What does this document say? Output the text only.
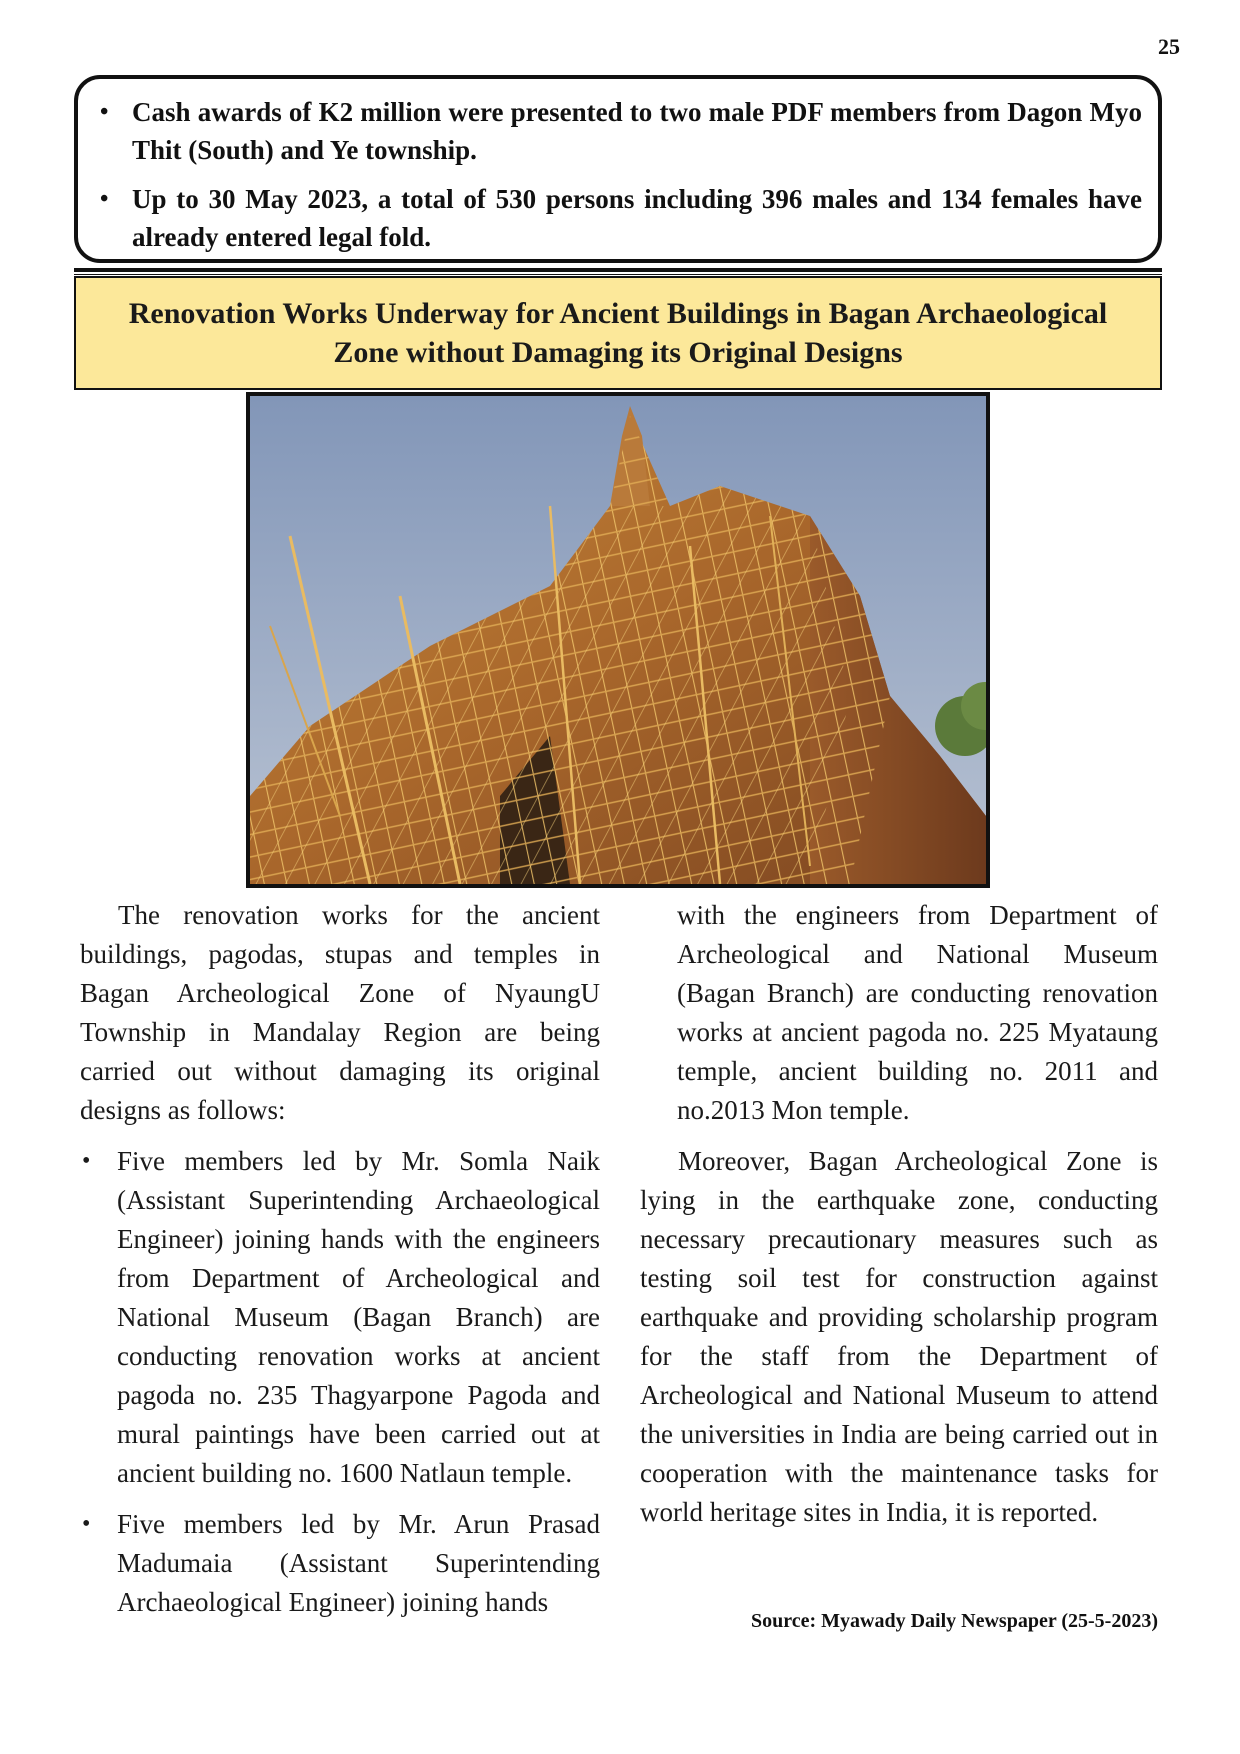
25
• Cash awards of K2 million were presented to two male PDF members from Dagon Myo Thit (South) and Ye township.
• Up to 30 May 2023, a total of 530 persons including 396 males and 134 females have already entered legal fold.
Renovation Works Underway for Ancient Buildings in Bagan Archaeological
Zone without Damaging its Original Designs

The renovation works for the ancient buildings, pagodas, stupas and temples in Bagan Archeological Zone of NyaungU Township in Mandalay Region are being carried out without damaging its original designs as follows:

• Five members led by Mr. Somla Naik (Assistant Superintending Archaeological Engineer) joining hands with the engineers from Department of Archeological and National Museum (Bagan Branch) are conducting renovation works at ancient pagoda no. 235 Thagyarpone Pagoda and mural paintings have been carried out at ancient building no. 1600 Natlaun temple.
• Five members led by Mr. Arun Prasad Madumaia (Assistant Superintending Archaeological Engineer) joining hands

with the engineers from Department of Archeological and National Museum (Bagan Branch) are conducting renovation works at ancient pagoda no. 225 Myataung temple, ancient building no. 2011 and no.2013 Mon temple.

Moreover, Bagan Archeological Zone is lying in the earthquake zone, conducting necessary precautionary measures such as testing soil test for construction against earthquake and providing scholarship program for the staff from the Department of Archeological and National Museum to attend the universities in India are being carried out in cooperation with the maintenance tasks for world heritage sites in India, it is reported.

Source: Myawady Daily Newspaper (25-5-2023)
